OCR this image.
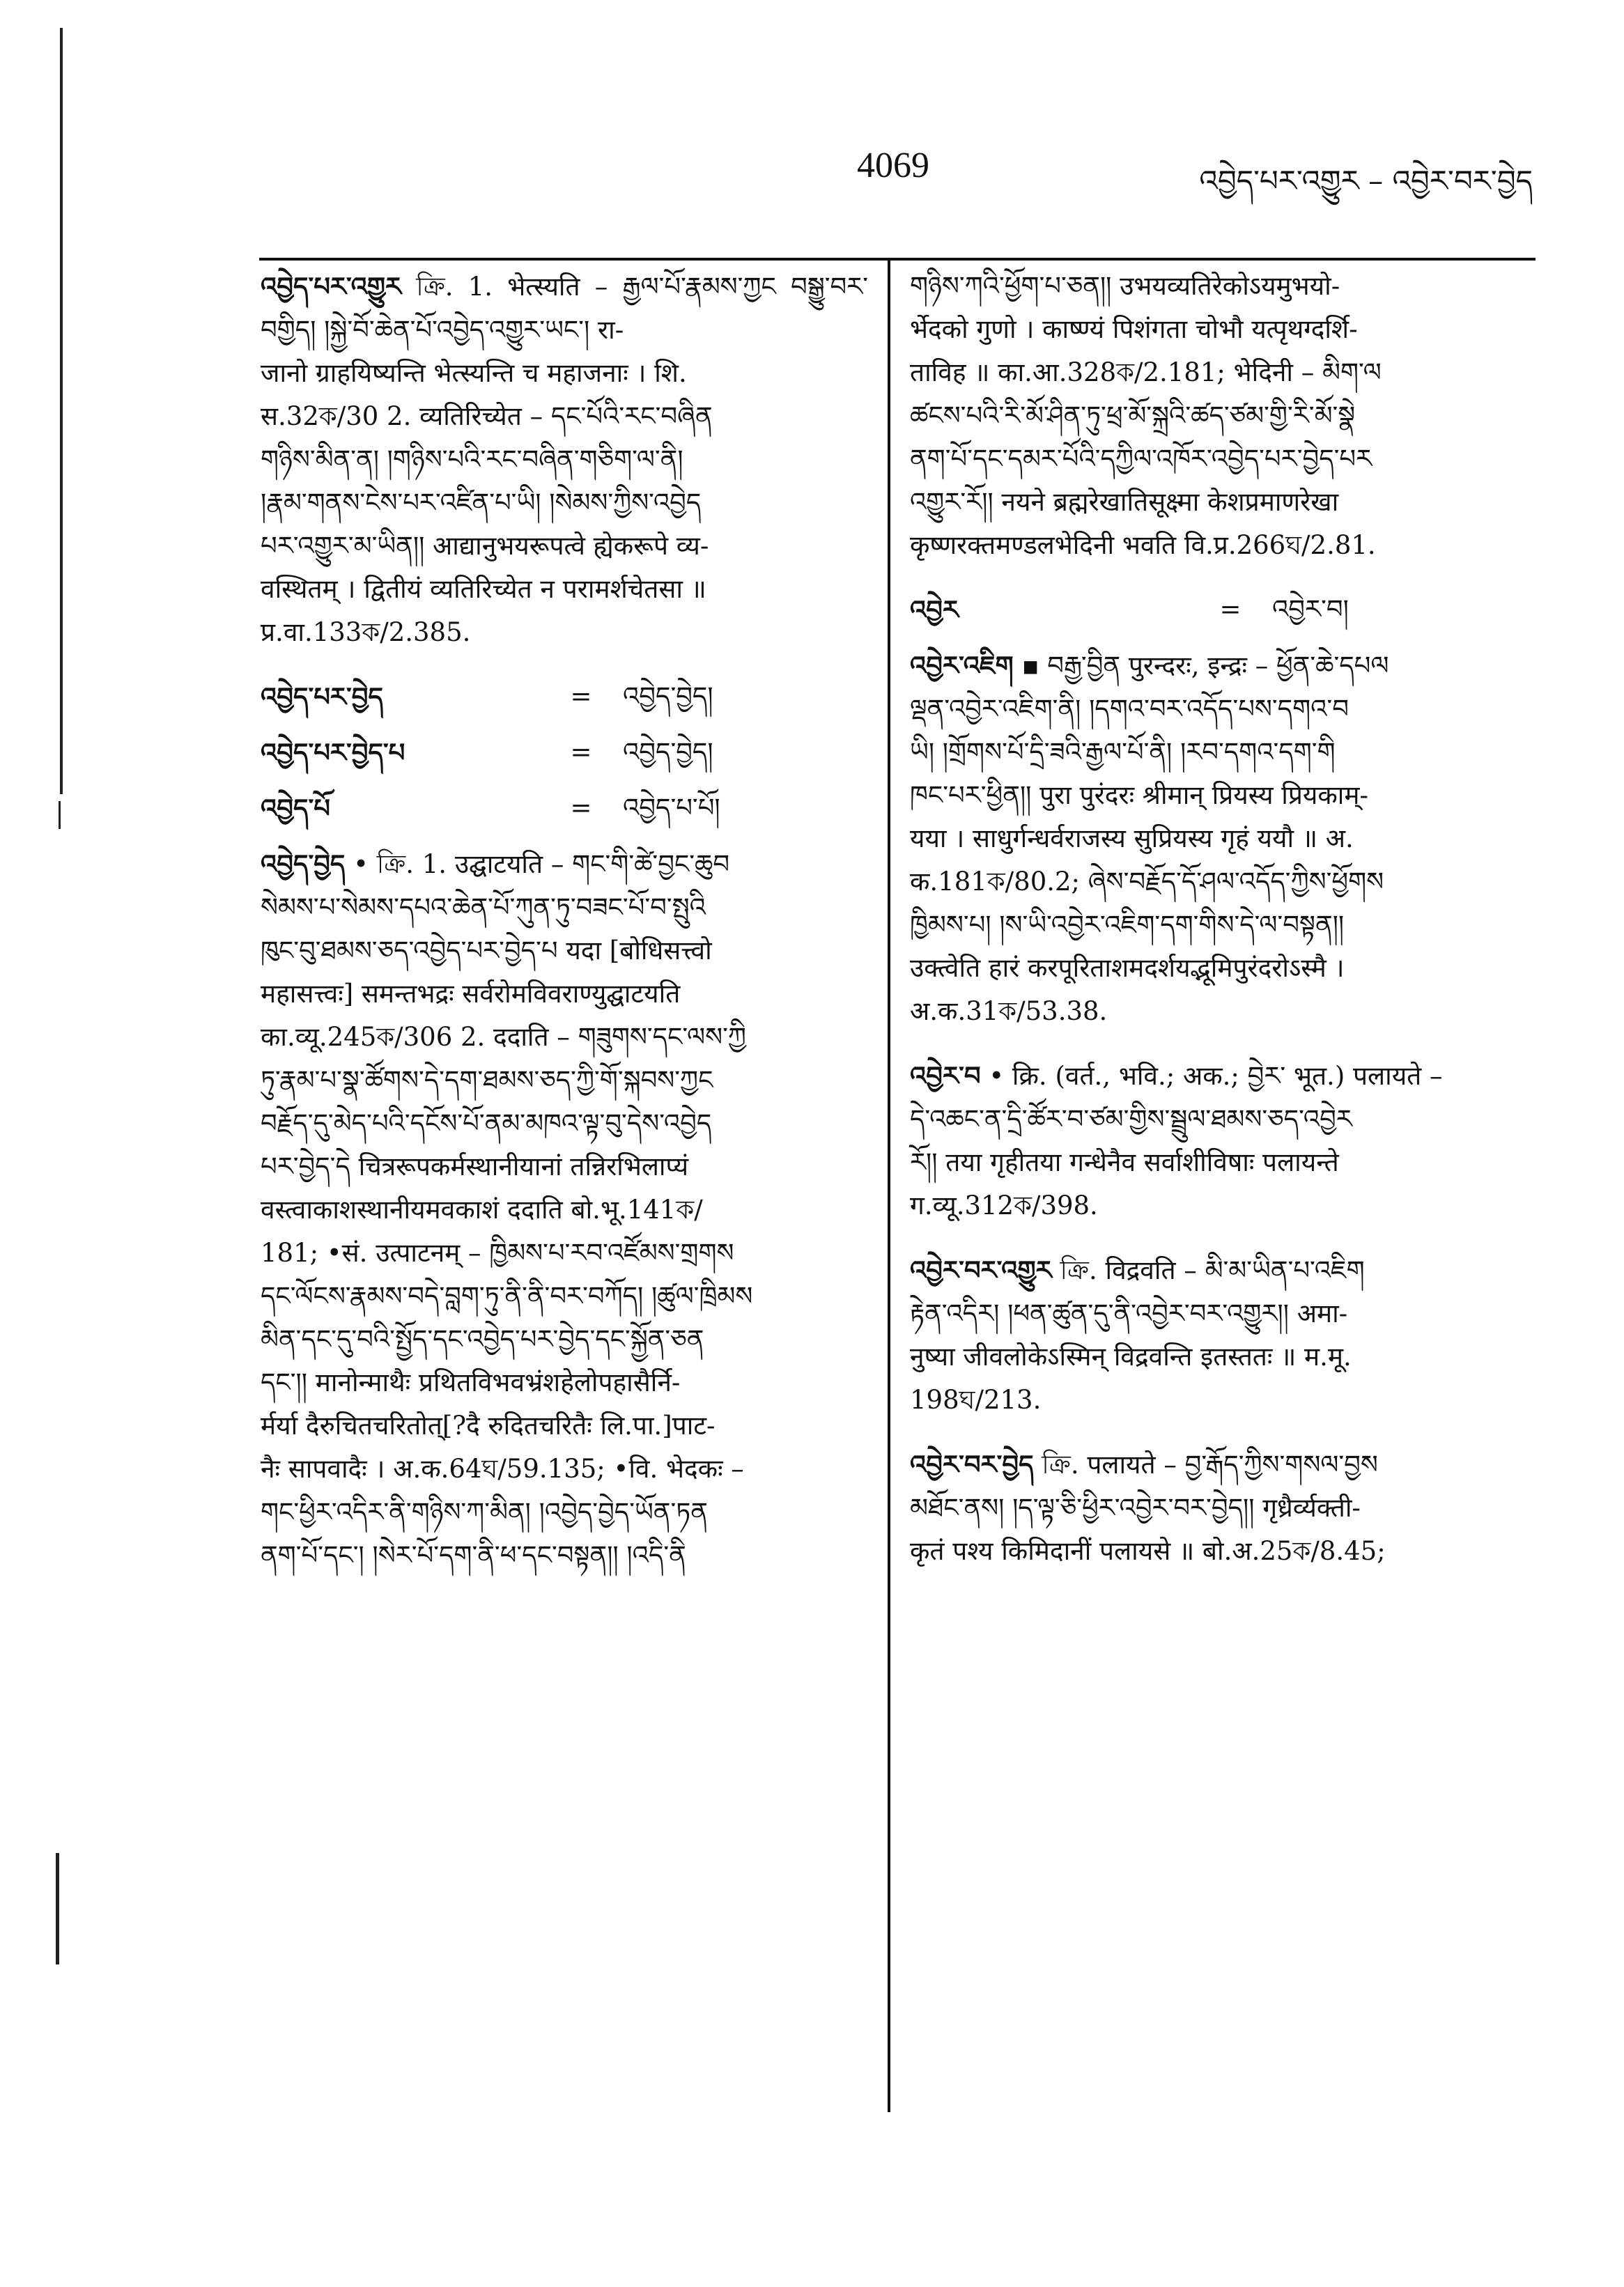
4069	འབྱེད་པར་འགྱུར – འབྱེར་བར་བྱེད

འབྱེད་པར་འགྱུར ক্রি. 1. भेत्स्यति – རྒྱལ་པོ་རྣམས་ཀྱང བསྒྱུ་བར་བགྱིད། །སྐྱེ་བོ་ཆེན་པོ་འབྱེད་འགྱུར་ཡང་། रा-

जानो ग्राहयिष्यन्ति भेत्स्यन्ति च महाजनाः । शि.

स.32ক/30 2. व्यतिरिच्येत – དང་པོའི་རང་བཞིན

གཉིས་མིན་ན། །གཉིས་པའི་རང་བཞིན་གཅིག་ལ་ནི།

།རྣམ་གནས་ངེས་པར་འཛིན་པ་ཡི། །སེམས་ཀྱིས་འབྱེད

པར་འགྱུར་མ་ཡིན།། आद्यानुभयरूपत्वे ह्येकरूपे व्य-

वस्थितम् । द्वितीयं व्यतिरिच्येत न परामर्शचेतसा ॥

प्र.वा.133ক/2.385.

འབྱེད་པར་བྱེད	=	འབྱེད་བྱེད།
འབྱེད་པར་བྱེད་པ	=	འབྱེད་བྱེད།
འབྱེད་པོ	=	འབྱེད་པ་པོ།

འབྱེད་བྱེད • ক্রি. 1. उद्घाटयति – གང་གི་ཚེ་བྱང་ཆུབ

སེམས་པ་སེམས་དཔའ་ཆེན་པོ་ཀུན་ཏུ་བཟང་པོ་བ་སྤུའི

ཁུང་བུ་ཐམས་ཅད་འབྱེད་པར་བྱེད་པ यदा [बोधिसत्त्वो

महासत्त्वः] समन्तभद्रः सर्वरोमविवराण्युद्घाटयति

का.व्यू.245ক/306 2. ददाति – གཟུགས་དང་ལས་ཀྱི

ཏུ་རྣམ་པ་སྣ་ཚོགས་དེ་དག་ཐམས་ཅད་ཀྱི་གོ་སྐབས་ཀྱང

བརྗོད་དུ་མེད་པའི་དངོས་པོ་ནམ་མཁའ་ལྟ་བུ་དེས་འབྱེད

པར་བྱེད་དེ चित्ररूपकर्मस्थानीयानां तन्निरभिलाप्यं

वस्त्वाकाशस्थानीयमवकाशं ददाति बो.भू.141ক/

181; •सं. उत्पाटनम् – ཁྱིམས་པ་རབ་འཛོམས་གྲགས

དང་ལོངས་རྣམས་བདེ་བླག་ཏུ་ནི་ནི་བར་བཀོད། །ཚུལ་ཁྲིམས

མིན་དང་དུ་བའི་སྤྱོད་དང་འབྱེད་པར་བྱེད་དང་སྐྱོན་ཅན

དང་།། मानोन्माथैः प्रथितविभवभ्रंशहेलोपहासैर्नि-

र्मर्या दैरुचितचरितोत्[?दै रुदितचरितैः लि.पा.]पाट-

नैः सापवादैः । अ.क.64ঘ/59.135; •वि. भेदकः –

གང་ཕྱིར་འདིར་ནི་གཉིས་ཀ་མིན། །འབྱེད་བྱེད་ཡོན་ཏན

ནག་པོ་དང་། །སེར་པོ་དག་ནི་ཕ་དང་བསྟན།། །འདི་ནི

གཉིས་ཀའི་ཕྱོག་པ་ཅན།། उभयव्यतिरेकोऽयमुभयो-

र्भेदको गुणो । काष्ण्यं पिशंगता चोभौ यत्पृथग्दर्शि-

ताविह ॥ का.आ.328ক/2.181; भेदिनी – མིག་ལ

ཚངས་པའི་རི་མོ་ཤིན་ཏུ་ཕྲ་མོ་སྐྲའི་ཚད་ཙམ་གྱི་རི་མོ་སྣེ

ནག་པོ་དང་དམར་པོའི་དཀྱིལ་འཁོར་འབྱེད་པར་བྱེད་པར

འགྱུར་རོ།། नयने ब्रह्मरेखातिसूक्ष्मा केशप्रमाणरेखा

कृष्णरक्तमण्डलभेदिनी भवति वि.प्र.266ঘ/2.81.

འབྱེར	=	འབྱེར་བ།

འབྱེར་འཇིག ▪ བརྒྱ་བྱིན पुरन्दरः, इन्द्रः – ཕྱོན་ཆེ་དཔལ

ལྡན་འབྱེར་འཇིག་ནི། །དགའ་བར་འདོད་པས་དགའ་བ

ཡི། །གྲོགས་པོ་དྲི་ཟའི་རྒྱལ་པོ་ནི། །རབ་དགའ་དག་གི

ཁང་པར་ཕྱིན།། पुरा पुरंदरः श्रीमान् प्रियस्य प्रियकाम्-

यया । साधुर्गन्धर्वराजस्य सुप्रियस्य गृहं ययौ ॥ अ.

क.181ক/80.2; ཞེས་བརྗོད་དོ་ཤལ་འདོད་ཀྱིས་ཕྱོགས

ཁྱིམས་པ། །ས་ཡི་འབྱེར་འཇིག་དག་གིས་དེ་ལ་བསྟན།།

उक्त्वेति हारं करपूरिताशमदर्शयद्भूमिपुरंदरोऽस्मै ।

अ.क.31ক/53.38.

འབྱེར་བ • क्रि. (वर्त., भवि.; अक.; བྱེར་ भूत.) पलायते –

དེ་འཆང་ན་དྲི་ཚོར་བ་ཙམ་གྱིས་སྦྲུལ་ཐམས་ཅད་འབྱེར

རོ།། तया गृहीतया गन्धेनैव सर्वाशीविषाः पलायन्ते

ग.व्यू.312ক/398.

འབྱེར་བར་འགྱུར ক্রি. विद्रवति – མི་མ་ཡིན་པ་འཇིག

རྟེན་འདིར། །ཕན་ཚུན་དུ་ནི་འབྱེར་བར་འགྱུར།། अमा-

नुष्या जीवलोकेऽस्मिन् विद्रवन्ति इतस्ततः ॥ म.मू.

198ঘ/213.

འབྱེར་བར་བྱེད ক্রি. पलायते – བྱ་རྒོད་ཀྱིས་གསལ་བྱས

མཐོང་ནས། །ད་ལྟ་ཅི་ཕྱིར་འབྱེར་བར་བྱེད།། गृध्रैर्व्यक्ती-

कृतं पश्य किमिदानीं पलायसे ॥ बो.अ.25ক/8.45;
